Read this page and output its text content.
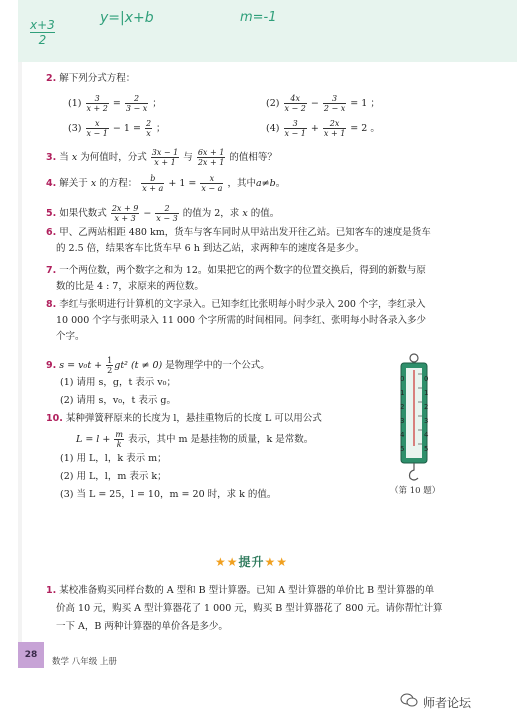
x+3
2
y=|x+b	m=-1
2. 解下列分式方程：
$(1) \frac{3}{x + 2} = \frac{2}{3 - x}$ ；	$(2) \frac{4x}{x - 2} - \frac{3}{2 - x} = 1$ ；
$(3) \frac{x}{x - 1} - 1 = \frac{2}{x}$ ；	$(4) \frac{3}{x - 1} + \frac{2x}{x + 1} = 2$ 。
3. 当 x 为何值时，分式 $\frac{3x - 1}{x + 1}$ 与 $\frac{6x + 1}{2x + 1}$ 的值相等？
4. 解关于 x 的方程： $\frac{b}{x + a} + 1 = \frac{x}{x - a}$ ，其中a≠b。
5. 如果代数式 $\frac{2x + 9}{x + 3} - \frac{2}{x - 3}$ 的值为 2，求 x 的值。
6. 甲、乙两站相距 480 km，货车与客车同时从甲站出发开往乙站。已知客车的速度是货车
的 2.5 倍，结果客车比货车早 6 h 到达乙站，求两种车的速度各是多少。
7. 一个两位数，两个数字之和为 12。如果把它的两个数字的位置交换后，得到的新数与原
数的比是 4 : 7，求原来的两位数。
8. 李红与张明进行计算机的文字录入。已知李红比张明每小时少录入 200 个字，李红录入
10 000 个字与张明录入 11 000 个字所需的时间相同。问李红、张明每小时各录入多少
个字。
9. $s = v_0t + \frac{1}{2} gt^2$ (t ≠ 0) 是物理学中的一个公式。
(1) 请用 s，g，t 表示 v₀；
(2) 请用 s，v₀，t 表示 g。
10. 某种弹簧秤原来的长度为 l，悬挂重物后的长度 L 可以用公式
$L = l + \frac{m}{k}$ 表示，其中 m 是悬挂物的质量，k 是常数。
(1) 用 L，l，k 表示 m；
(2) 用 L，l，m 表示 k；
(3) 当 L = 25，l = 10，m = 20 时，求 k 的值。
0
1
2
3
4
5
0
1
2
3
4
5
（第 10 题）
★★提升★★
1. 某校准备购买同样台数的 A 型和 B 型计算器。已知 A 型计算器的单价比 B 型计算器的单
价高 10 元，购买 A 型计算器花了 1 000 元，购买 B 型计算器花了 800 元。请你帮忙计算
一下 A，B 两种计算器的单价各是多少。
28
数学 八年级 上册
师者论坛
